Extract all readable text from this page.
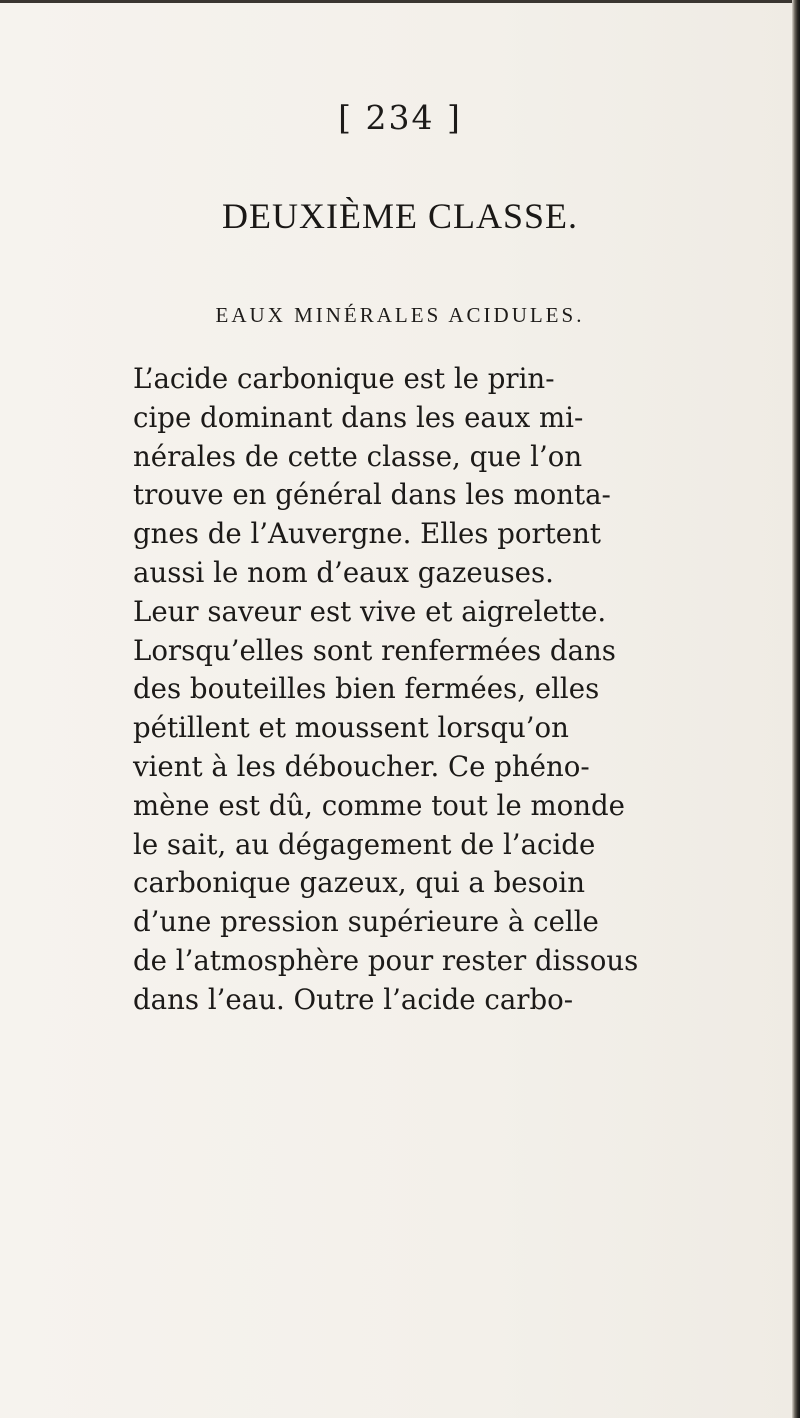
[ 234 ]
DEUXIÈME CLASSE.
EAUX MINÉRALES ACIDULES.
L’acide carbonique est le prin-
cipe dominant dans les eaux mi-
nérales de cette classe, que l’on
trouve en général dans les monta-
gnes de l’Auvergne. Elles portent
aussi le nom d’eaux gazeuses.
Leur saveur est vive et aigrelette.
Lorsqu’elles sont renfermées dans
des bouteilles bien fermées, elles
pétillent et moussent lorsqu’on
vient à les déboucher. Ce phéno-
mène est dû, comme tout le monde
le sait, au dégagement de l’acide
carbonique gazeux, qui a besoin
d’une pression supérieure à celle
de l’atmosphère pour rester dissous
dans l’eau. Outre l’acide carbo-
